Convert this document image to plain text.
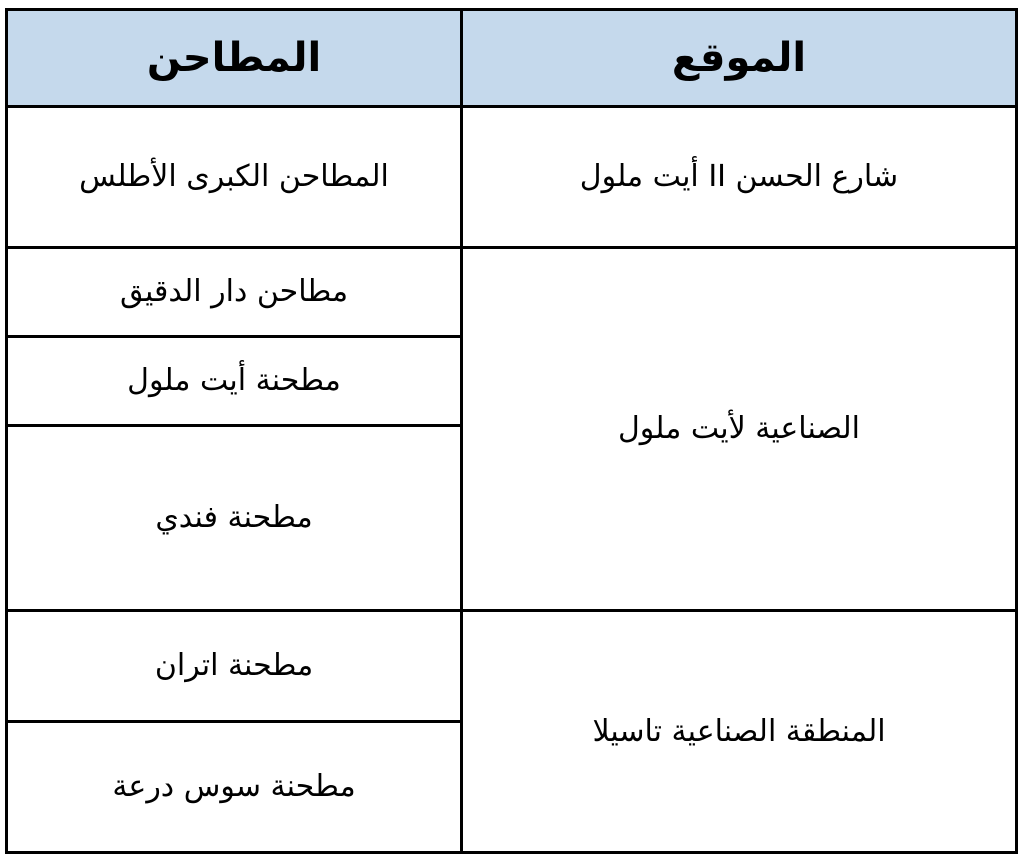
الموقع	المطاحن
شارع الحسن II أيت ملول	المطاحن الكبرى الأطلس
الصناعية لأيت ملول	مطاحن دار الدقيق
	مطحنة أيت ملول
	مطحنة فندي
المنطقة الصناعية تاسيلا	مطحنة اتران
	مطحنة سوس درعة
